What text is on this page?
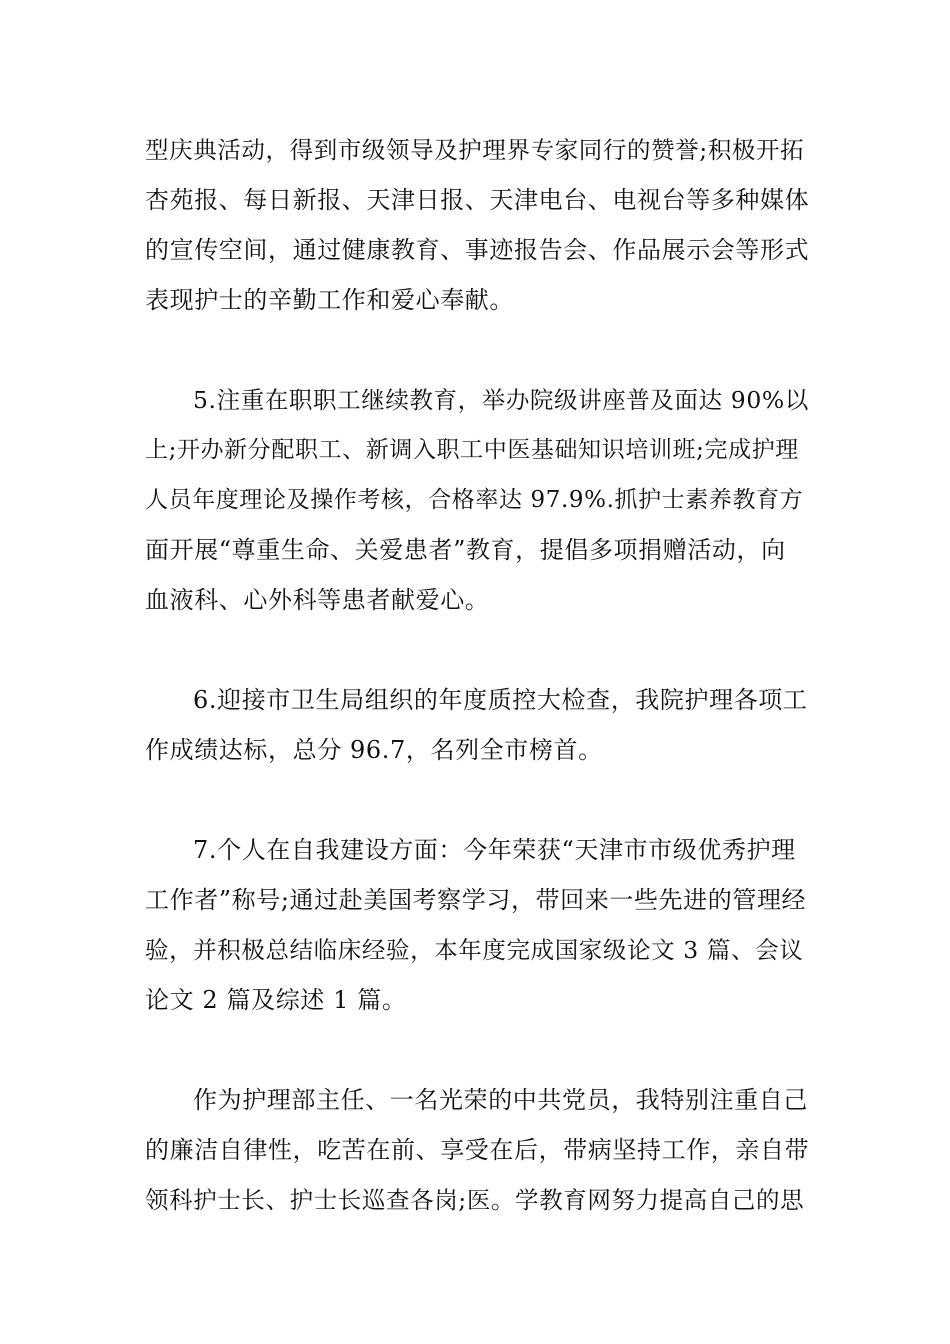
型庆典活动，得到市级领导及护理界专家同行的赞誉;积极开拓
杏苑报、每日新报、天津日报、天津电台、电视台等多种媒体
的宣传空间，通过健康教育、事迹报告会、作品展示会等形式
表现护士的辛勤工作和爱心奉献。
5.注重在职职工继续教育，举办院级讲座普及面达 90%以
上;开办新分配职工、新调入职工中医基础知识培训班;完成护理
人员年度理论及操作考核，合格率达 97.9%.抓护士素养教育方
面开展“尊重生命、关爱患者”教育，提倡多项捐赠活动，向
血液科、心外科等患者献爱心。
6.迎接市卫生局组织的年度质控大检查，我院护理各项工
作成绩达标，总分 96.7，名列全市榜首。
7.个人在自我建设方面：今年荣获“天津市市级优秀护理
工作者”称号;通过赴美国考察学习，带回来一些先进的管理经
验，并积极总结临床经验，本年度完成国家级论文 3 篇、会议
论文 2 篇及综述 1 篇。
作为护理部主任、一名光荣的中共党员，我特别注重自己
的廉洁自律性，吃苦在前、享受在后，带病坚持工作，亲自带
领科护士长、护士长巡查各岗;医。学教育网努力提高自己的思
